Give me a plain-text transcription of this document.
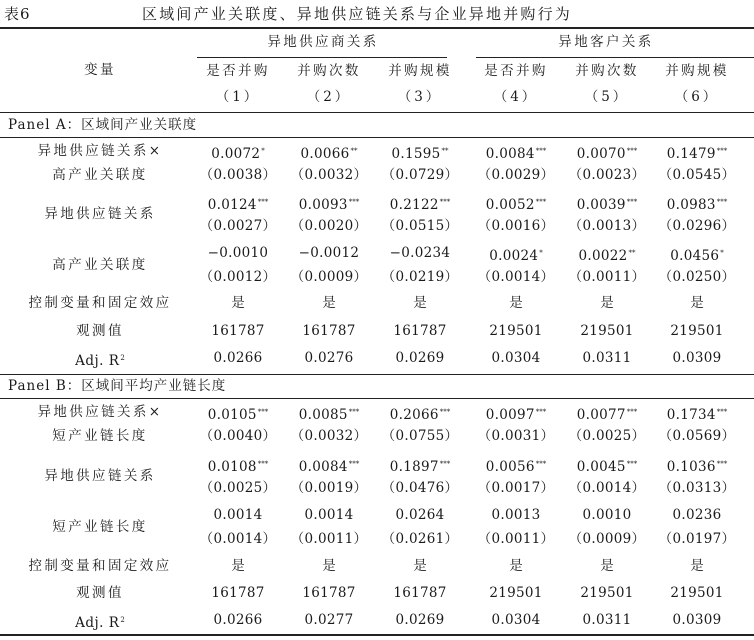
表6	区域间产业关联度、异地供应链关系与企业异地并购行为
变量
异地供应商关系	异地客户关系
是否并购 并购次数 并购规模 是否并购 并购次数 并购规模
（1）	（2）	（3）	（4）	（5）	（6）
Panel A：区域间产业关联度
异地供应链关系×
高产业关联度
0.0072*	0.0066**	0.1595**	0.0084*** 0.0070*** 0.1479***
（0.0038） （0.0032） （0.0729） （0.0029） （0.0023） （0.0545）
异地供应链关系
0.0124*** 0.0093*** 0.2122***	0.0052*** 0.0039*** 0.0983***
（0.0027） （0.0020） （0.0515） （0.0016） （0.0013） （0.0296）
高产业关联度
−0.0010 −0.0012 −0.0234	0.0024*	0.0022**	0.0456*
（0.0012） （0.0009） （0.0219） （0.0014） （0.0011） （0.0250）
控制变量和固定效应	是	是	是	是	是	是
观测值	161787	161787	161787	219501	219501	219501
Adj. $R^2$	0.0266	0.0276	0.0269	0.0304	0.0311	0.0309
Panel B：区域间平均产业链长度
异地供应链关系×
短产业链长度
0.0105*** 0.0085*** 0.2066***	0.0097*** 0.0077*** 0.1734***
（0.0040） （0.0032） （0.0755） （0.0031） （0.0025） （0.0569）
异地供应链关系
0.0108*** 0.0084*** 0.1897***	0.0056*** 0.0045*** 0.1036***
（0.0025） （0.0019） （0.0476） （0.0017） （0.0014） （0.0313）
短产业链长度
0.0014	0.0014	0.0264	0.0013	0.0010	0.0236
（0.0014） （0.0011） （0.0261） （0.0011） （0.0009） （0.0197）
控制变量和固定效应	是	是	是	是	是	是
观测值	161787	161787	161787	219501	219501	219501
Adj. $R^2$	0.0266	0.0277	0.0269	0.0304	0.0311	0.0309
